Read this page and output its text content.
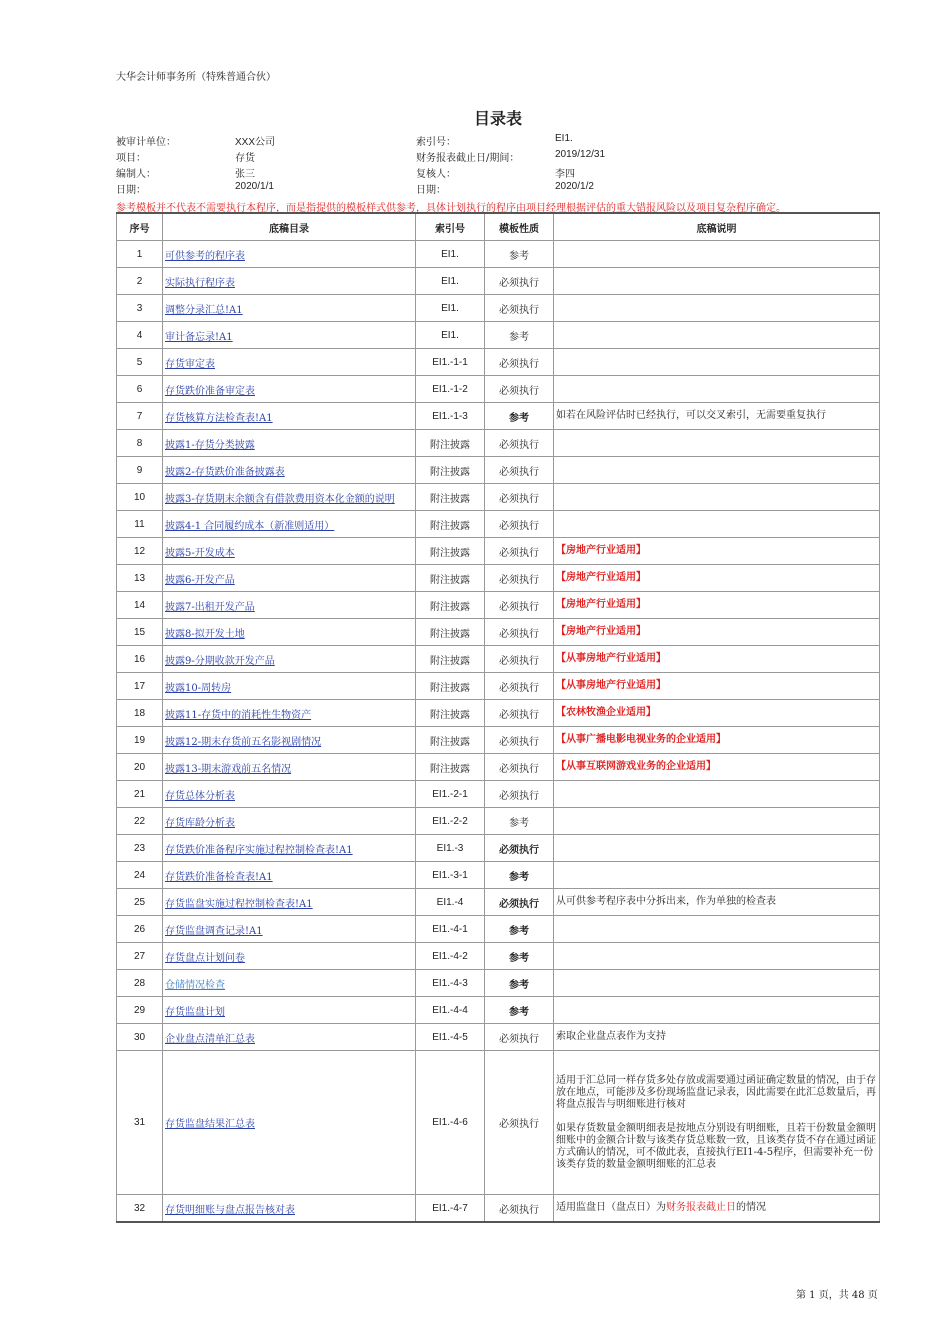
大华会计师事务所（特殊普通合伙）
目录表
被审计单位：	XXX公司	索引号：	EI1.
项目：	存货	财务报表截止日/期间：	2019/12/31
编制人：	张三	复核人：	李四
日期：	2020/1/1	日期：	2020/1/2
参考模板并不代表不需要执行本程序，而是指提供的模板样式供参考，具体计划执行的程序由项目经理根据评估的重大错报风险以及项目复杂程序确定。
序号	底稿目录	索引号	模板性质	底稿说明
1	可供参考的程序表	EI1.	参考	
2	实际执行程序表	EI1.	必须执行	
3	调整分录汇总!A1	EI1.	必须执行	
4	审计备忘录!A1	EI1.	参考	
5	存货审定表	EI1.-1-1	必须执行	
6	存货跌价准备审定表	EI1.-1-2	必须执行	
7	存货核算方法检查表!A1	EI1.-1-3	参考	如若在风险评估时已经执行，可以交叉索引，无需要重复执行
8	披露1-存货分类披露	附注披露	必须执行	
9	披露2-存货跌价准备披露表	附注披露	必须执行	
10	披露3-存货期末余额含有借款费用资本化金额的说明	附注披露	必须执行	
11	披露4-1 合同履约成本（新准则适用）	附注披露	必须执行	
12	披露5-开发成本	附注披露	必须执行	【房地产行业适用】
13	披露6-开发产品	附注披露	必须执行	【房地产行业适用】
14	披露7-出租开发产品	附注披露	必须执行	【房地产行业适用】
15	披露8-拟开发土地	附注披露	必须执行	【房地产行业适用】
16	披露9-分期收款开发产品	附注披露	必须执行	【从事房地产行业适用】
17	披露10-周转房	附注披露	必须执行	【从事房地产行业适用】
18	披露11-存货中的消耗性生物资产	附注披露	必须执行	【农林牧渔企业适用】
19	披露12-期末存货前五名影视剧情况	附注披露	必须执行	【从事广播电影电视业务的企业适用】
20	披露13-期末游戏前五名情况	附注披露	必须执行	【从事互联网游戏业务的企业适用】
21	存货总体分析表	EI1.-2-1	必须执行	
22	存货库龄分析表	EI1.-2-2	参考	
23	存货跌价准备程序实施过程控制检查表!A1	EI1.-3	必须执行	
24	存货跌价准备检查表!A1	EI1.-3-1	参考	
25	存货监盘实施过程控制检查表!A1	EI1.-4	必须执行	从可供参考程序表中分拆出来，作为单独的检查表
26	存货监盘调查记录!A1	EI1.-4-1	参考	
27	存货盘点计划问卷	EI1.-4-2	参考	
28	仓储情况检查	EI1.-4-3	参考	
29	存货监盘计划	EI1.-4-4	参考	
30	企业盘点清单汇总表	EI1.-4-5	必须执行	索取企业盘点表作为支持
31	存货监盘结果汇总表	EI1.-4-6	必须执行	适用于汇总同一样存货多处存放或需要通过函证确定数量的情况，由于存放在地点，可能涉及多份现场监盘记录表，因此需要在此汇总数量后，再将盘点报告与明细账进行核对

如果存货数量金额明细表是按地点分别设有明细账，且若干份数量金额明细账中的金额合计数与该类存货总账数一致，且该类存货不存在通过函证方式确认的情况，可不做此表，直接执行EI1-4-5程序，但需要补充一份该类存货的数量金额明细账的汇总表
32	存货明细账与盘点报告核对表	EI1.-4-7	必须执行	适用监盘日（盘点日）为财务报表截止日的情况
第 1 页，共 48 页
